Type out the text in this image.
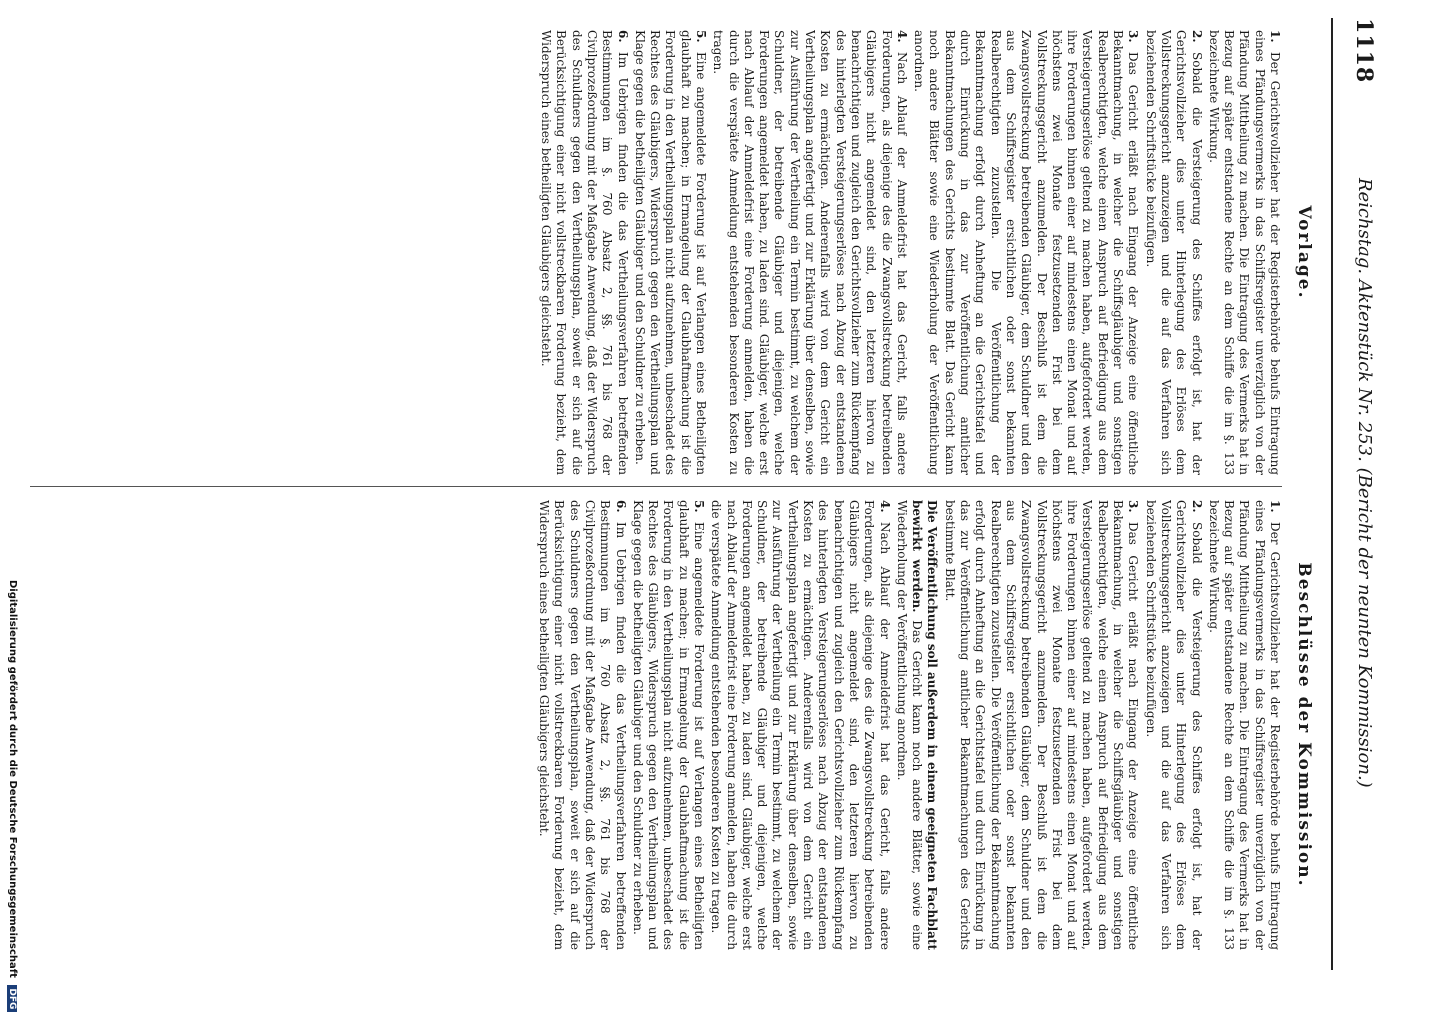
1118
Reichstag. Aktenstück Nr. 253. (Bericht der neunten Kommission.)
Vorlage.
Beschlüsse der Kommission.

1.Der Gerichtsvollzieher hat der Registerbehörde behufs Eintragung eines Pfändungsvermerks in das Schiffsregister unverzüglich von der Pfändung Mittheilung zu machen. Die Eintragung des Vermerks hat in Bezug auf später entstandene Rechte an dem Schiffe die im §. 133 bezeichnete Wirkung.

2.Sobald die Versteigerung des Schiffes erfolgt ist, hat der Gerichtsvollzieher dies unter Hinterlegung des Erlöses dem Vollstreckungsgericht anzuzeigen und die auf das Verfahren sich beziehenden Schriftstücke beizufügen.

3.Das Gericht erläßt nach Eingang der Anzeige eine öffentliche Bekanntmachung, in welcher die Schiffsgläubiger und sonstigen Realberechtigten, welche einen Anspruch auf Befriedigung aus dem Versteigerungserlöse geltend zu machen haben, aufgefordert werden, ihre Forderungen binnen einer auf mindestens einen Monat und auf höchstens zwei Monate festzusetzenden Frist bei dem Vollstreckungsgericht anzumelden. Der Beschluß ist dem die Zwangsvollstreckung betreibenden Gläubiger, dem Schuldner und den aus dem Schiffsregister ersichtlichen oder sonst bekannten Realberechtigten zuzustellen. Die Veröffentlichung der Bekanntmachung erfolgt durch Anheftung an die Gerichtstafel und durch Einrückung in das zur Veröffentlichung amtlicher Bekanntmachungen des Gerichts bestimmte Blatt. Das Gericht kann noch andere Blätter sowie eine Wiederholung der Veröffentlichung anordnen.

4.Nach Ablauf der Anmeldefrist hat das Gericht, falls andere Forderungen, als diejenige des die Zwangsvollstreckung betreibenden Gläubigers nicht angemeldet sind, den letzteren hiervon zu benachrichtigen und zugleich den Gerichtsvollzieher zum Rückempfang des hinterlegten Versteigerungserlöses nach Abzug der entstandenen Kosten zu ermächtigen. Anderenfalls wird von dem Gericht ein Vertheilungsplan angefertigt und zur Erklärung über denselben, sowie zur Ausführung der Vertheilung ein Termin bestimmt, zu welchem der Schuldner, der betreibende Gläubiger und diejenigen, welche Forderungen angemeldet haben, zu laden sind. Gläubiger, welche erst nach Ablauf der Anmeldefrist eine Forderung anmelden, haben die durch die verspätete Anmeldung entstehenden besonderen Kosten zu tragen.

5.Eine angemeldete Forderung ist auf Verlangen eines Betheiligten glaubhaft zu machen; in Ermangelung der Glaubhaftmachung ist die Forderung in den Vertheilungsplan nicht aufzunehmen, unbeschadet des Rechtes des Gläubigers, Widerspruch gegen den Vertheilungsplan und Klage gegen die betheiligten Gläubiger und den Schuldner zu erheben.

6.Im Uebrigen finden die das Vertheilungsverfahren betreffenden Bestimmungen im §. 760 Absatz 2, §§. 761 bis 768 der Civilprozeßordnung mit der Maßgabe Anwendung, daß der Widerspruch des Schuldners gegen den Vertheilungsplan, soweit er sich auf die Berücksichtigung einer nicht vollstreckbaren Forderung bezieht, dem Widerspruch eines betheiligten Gläubigers gleichsteht.

1.Der Gerichtsvollzieher hat der Registerbehörde behufs Eintragung eines Pfändungsvermerks in das Schiffsregister unverzüglich von der Pfändung Mittheilung zu machen. Die Eintragung des Vermerks hat in Bezug auf später entstandene Rechte an dem Schiffe die im §. 133 bezeichnete Wirkung.

2.Sobald die Versteigerung des Schiffes erfolgt ist, hat der Gerichtsvollzieher dies unter Hinterlegung des Erlöses dem Vollstreckungsgericht anzuzeigen und die auf das Verfahren sich beziehenden Schriftstücke beizufügen.

3.Das Gericht erläßt nach Eingang der Anzeige eine öffentliche Bekanntmachung, in welcher die Schiffsgläubiger und sonstigen Realberechtigten, welche einen Anspruch auf Befriedigung aus dem Versteigerungserlöse geltend zu machen haben, aufgefordert werden, ihre Forderungen binnen einer auf mindestens einen Monat und auf höchstens zwei Monate festzusetzenden Frist bei dem Vollstreckungsgericht anzumelden. Der Beschluß ist dem die Zwangsvollstreckung betreibenden Gläubiger, dem Schuldner und den aus dem Schiffsregister ersichtlichen oder sonst bekannten Realberechtigten zuzustellen. Die Veröffentlichung der Bekanntmachung erfolgt durch Anheftung an die Gerichtstafel und durch Einrückung in das zur Veröffentlichung amtlicher Bekanntmachungen des Gerichts bestimmte Blatt.

Die Veröffentlichung soll außerdem in einem geeigneten Fachblatt bewirkt werden. Das Gericht kann noch andere Blätter, sowie eine Wiederholung der Veröffentlichung anordnen.

4.Nach Ablauf der Anmeldefrist hat das Gericht, falls andere Forderungen, als diejenige des die Zwangsvollstreckung betreibenden Gläubigers nicht angemeldet sind, den letzteren hiervon zu benachrichtigen und zugleich den Gerichtsvollzieher zum Rückempfang des hinterlegten Versteigerungserlöses nach Abzug der entstandenen Kosten zu ermächtigen. Anderenfalls wird von dem Gericht ein Vertheilungsplan angefertigt und zur Erklärung über denselben, sowie zur Ausführung der Vertheilung ein Termin bestimmt, zu welchem der Schuldner, der betreibende Gläubiger und diejenigen, welche Forderungen angemeldet haben, zu laden sind. Gläubiger, welche erst nach Ablauf der Anmeldefrist eine Forderung anmelden, haben die durch die verspätete Anmeldung entstehenden besonderen Kosten zu tragen.

5.Eine angemeldete Forderung ist auf Verlangen eines Betheiligten glaubhaft zu machen; in Ermangelung der Glaubhaftmachung ist die Forderung in den Vertheilungsplan nicht aufzunehmen, unbeschadet des Rechtes des Gläubigers, Widerspruch gegen den Vertheilungsplan und Klage gegen die betheiligten Gläubiger und den Schuldner zu erheben.

6.Im Uebrigen finden die das Vertheilungsverfahren betreffenden Bestimmungen im §. 760 Absatz 2, §§. 761 bis 768 der Civilprozeßordnung mit der Maßgabe Anwendung, daß der Widerspruch des Schuldners gegen den Vertheilungsplan, soweit er sich auf die Berücksichtigung einer nicht vollstreckbaren Forderung bezieht, dem Widerspruch eines betheiligten Gläubigers gleichsteht.

Digitalisierung gefördert durch die Deutsche Forschungsgemeinschaft DFG
